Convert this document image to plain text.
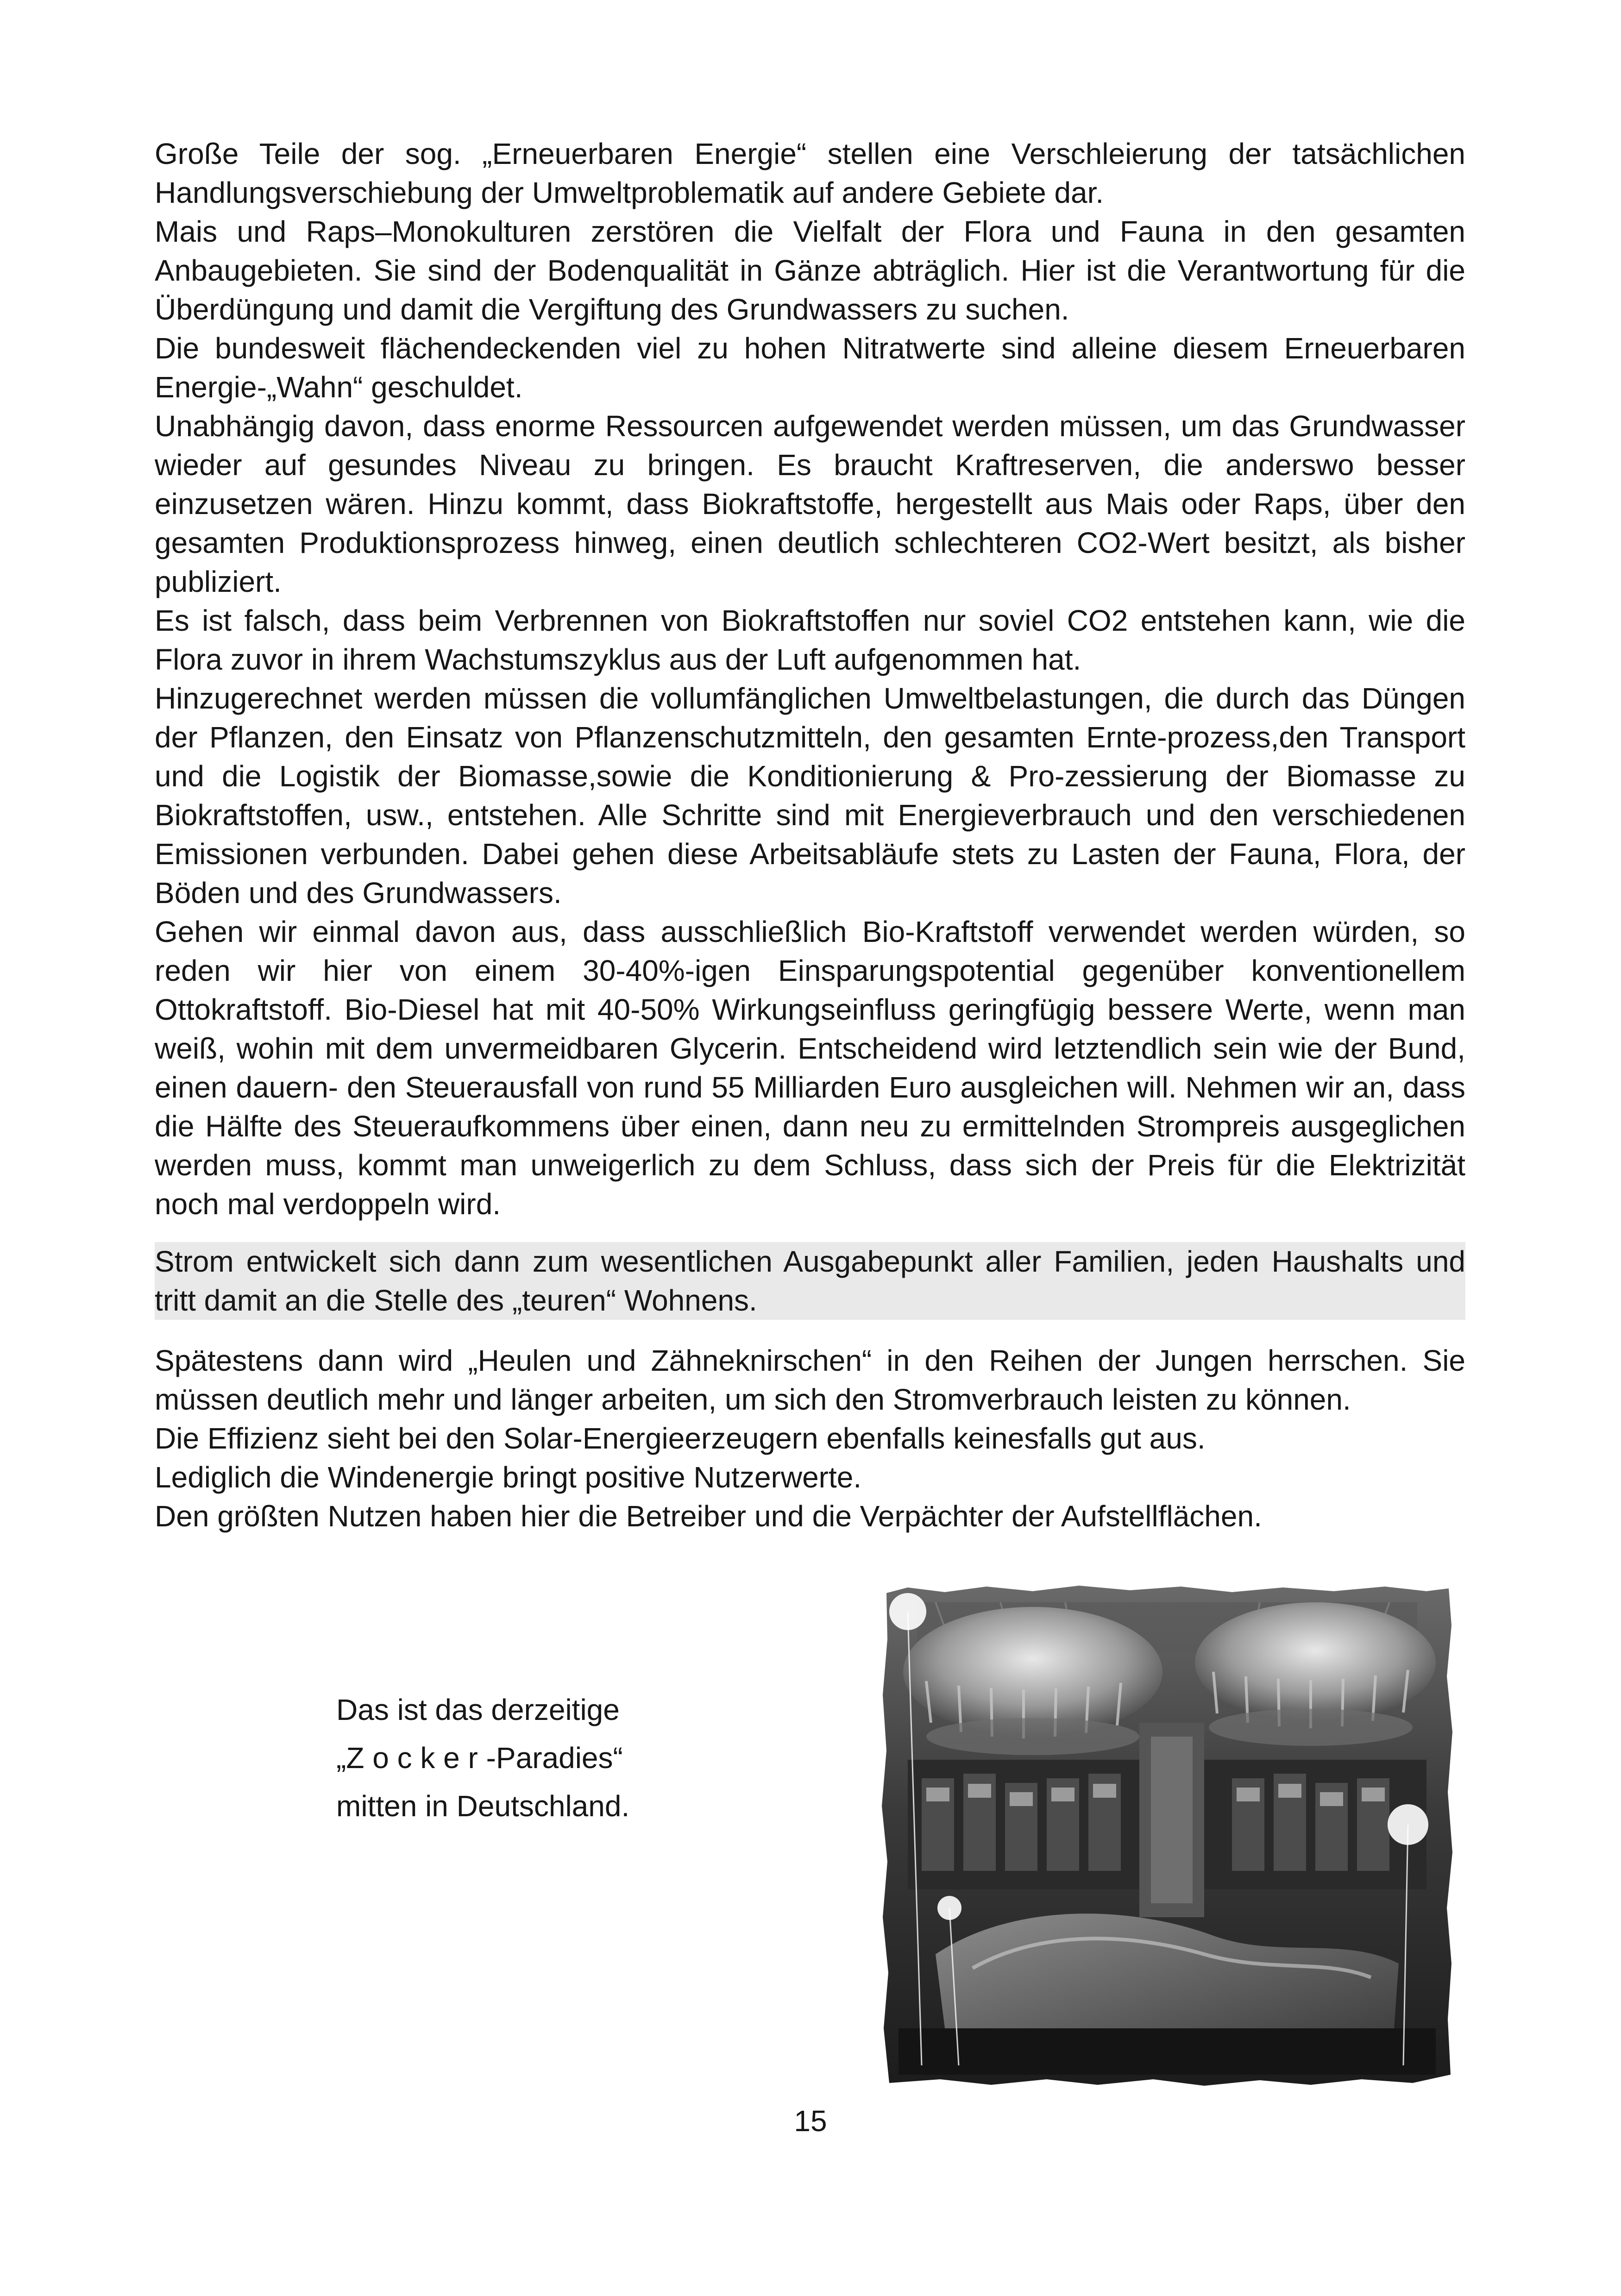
Große Teile der sog. „Erneuerbaren Energie“ stellen eine Verschleierung der tatsächlichen Handlungsverschiebung der Umweltproblematik auf andere Gebiete dar.

Mais und Raps–Monokulturen zerstören die Vielfalt der Flora und Fauna in den gesamten Anbaugebieten. Sie sind der Bodenqualität in Gänze abträglich. Hier ist die Verantwortung für die Überdüngung und damit die Vergiftung des Grundwassers zu suchen.

Die bundesweit flächendeckenden viel zu hohen Nitratwerte sind alleine diesem Erneuerbaren Energie-„Wahn“ geschuldet.

Unabhängig davon, dass enorme Ressourcen aufgewendet werden müssen, um das Grundwasser wieder auf gesundes Niveau zu bringen. Es braucht Kraftreserven, die anderswo besser einzusetzen wären. Hinzu kommt, dass Biokraftstoffe, hergestellt aus Mais oder Raps, über den gesamten Produktionsprozess hinweg, einen deutlich schlechteren CO2-Wert besitzt, als bisher publiziert.

Es ist falsch, dass beim Verbrennen von Biokraftstoffen nur soviel CO2 entstehen kann, wie die Flora zuvor in ihrem Wachstumszyklus aus der Luft aufgenommen hat.

Hinzugerechnet werden müssen die vollumfänglichen Umweltbelastungen, die durch das Düngen der Pflanzen, den Einsatz von Pflanzenschutzmitteln, den gesamten Ernte-prozess,den Transport und die Logistik der Biomasse,sowie die Konditionierung & Pro-zessierung der Biomasse zu Biokraftstoffen, usw., entstehen. Alle Schritte sind mit Energieverbrauch und den verschiedenen Emissionen verbunden. Dabei gehen diese Arbeitsabläufe stets zu Lasten der Fauna, Flora, der Böden und des Grundwassers.

Gehen wir einmal davon aus, dass ausschließlich Bio-Kraftstoff verwendet werden würden, so reden wir hier von einem 30-40%-igen Einsparungspotential gegenüber konventionellem Ottokraftstoff. Bio-Diesel hat mit 40-50% Wirkungseinfluss geringfügig bessere Werte, wenn man weiß, wohin mit dem unvermeidbaren Glycerin. Entscheidend wird letztendlich sein wie der Bund, einen dauern- den Steuerausfall von rund 55 Milliarden Euro ausgleichen will. Nehmen wir an, dass die Hälfte des Steueraufkommens über einen, dann neu zu ermittelnden Strompreis ausgeglichen werden muss, kommt man unweigerlich zu dem Schluss, dass sich der Preis für die Elektrizität noch mal verdoppeln wird.

Strom entwickelt sich dann zum wesentlichen Ausgabepunkt aller Familien, jeden Haushalts und tritt damit an die Stelle des „teuren“ Wohnens.

Spätestens dann wird „Heulen und Zähneknirschen“ in den Reihen der Jungen herrschen. Sie müssen deutlich mehr und länger arbeiten, um sich den Stromverbrauch leisten zu können.

Die Effizienz sieht bei den Solar-Energieerzeugern ebenfalls keinesfalls gut aus.

Lediglich die Windenergie bringt positive Nutzerwerte.

Den größten Nutzen haben hier die Betreiber und die Verpächter der Aufstellflächen.

Das ist das derzeitige
„Z o c k e r -Paradies“
mitten in Deutschland.
15
